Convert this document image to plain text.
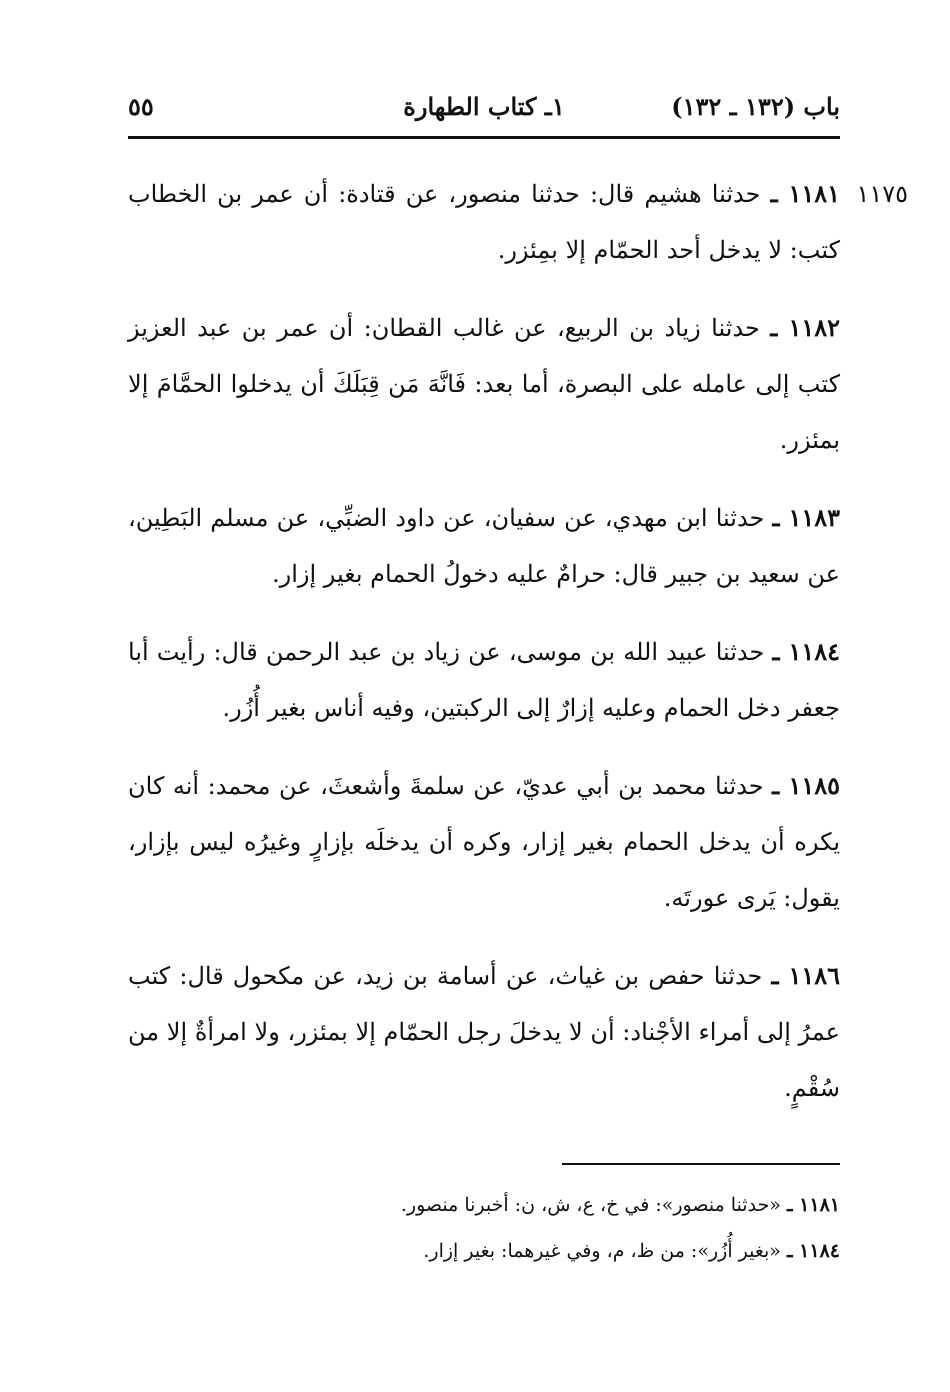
باب (١٣٢ ـ ١٣٢)
١ـ كتاب الطهارة
٥٥
١١٧٥

١١٨١ ـ حدثنا هشيم قال: حدثنا منصور، عن قتادة: أن عمر بن الخطاب كتب: لا يدخل أحد الحمّام إلا بمِئزر.

١١٨٢ ـ حدثنا زياد بن الربيع، عن غالب القطان: أن عمر بن عبد العزيز كتب إلى عامله على البصرة، أما بعد: فَانَّهَ مَن قِبَلَكَ أن يدخلوا الحمَّامَ إلا بمئزر.

١١٨٣ ـ حدثنا ابن مهدي، عن سفيان، عن داود الضبِّي، عن مسلم البَطِين، عن سعيد بن جبير قال: حرامٌ عليه دخولُ الحمام بغير إزار.

١١٨٤ ـ حدثنا عبيد الله بن موسى، عن زياد بن عبد الرحمن قال: رأيت أبا جعفر دخل الحمام وعليه إزارٌ إلى الركبتين، وفيه أناس بغير أُزُر.

١١٨٥ ـ حدثنا محمد بن أبي عديّ، عن سلمةَ وأشعثَ، عن محمد: أنه كان يكره أن يدخل الحمام بغير إزار، وكره أن يدخلَه بإزارٍ وغيرُه ليس بإزار، يقول: يَرى عورتَه.

١١٨٦ ـ حدثنا حفص بن غياث، عن أسامة بن زيد، عن مكحول قال: كتب عمرُ إلى أمراء الأجْناد: أن لا يدخلَ رجل الحمّام إلا بمئزر، ولا امرأةٌ إلا من سُقْمٍ.

١١٨١ ـ «حدثنا منصور»: في خ، ع، ش، ن: أخبرنا منصور.
١١٨٤ ـ «بغير أُزُر»: من ظ، م، وفي غيرهما: بغير إزار.
